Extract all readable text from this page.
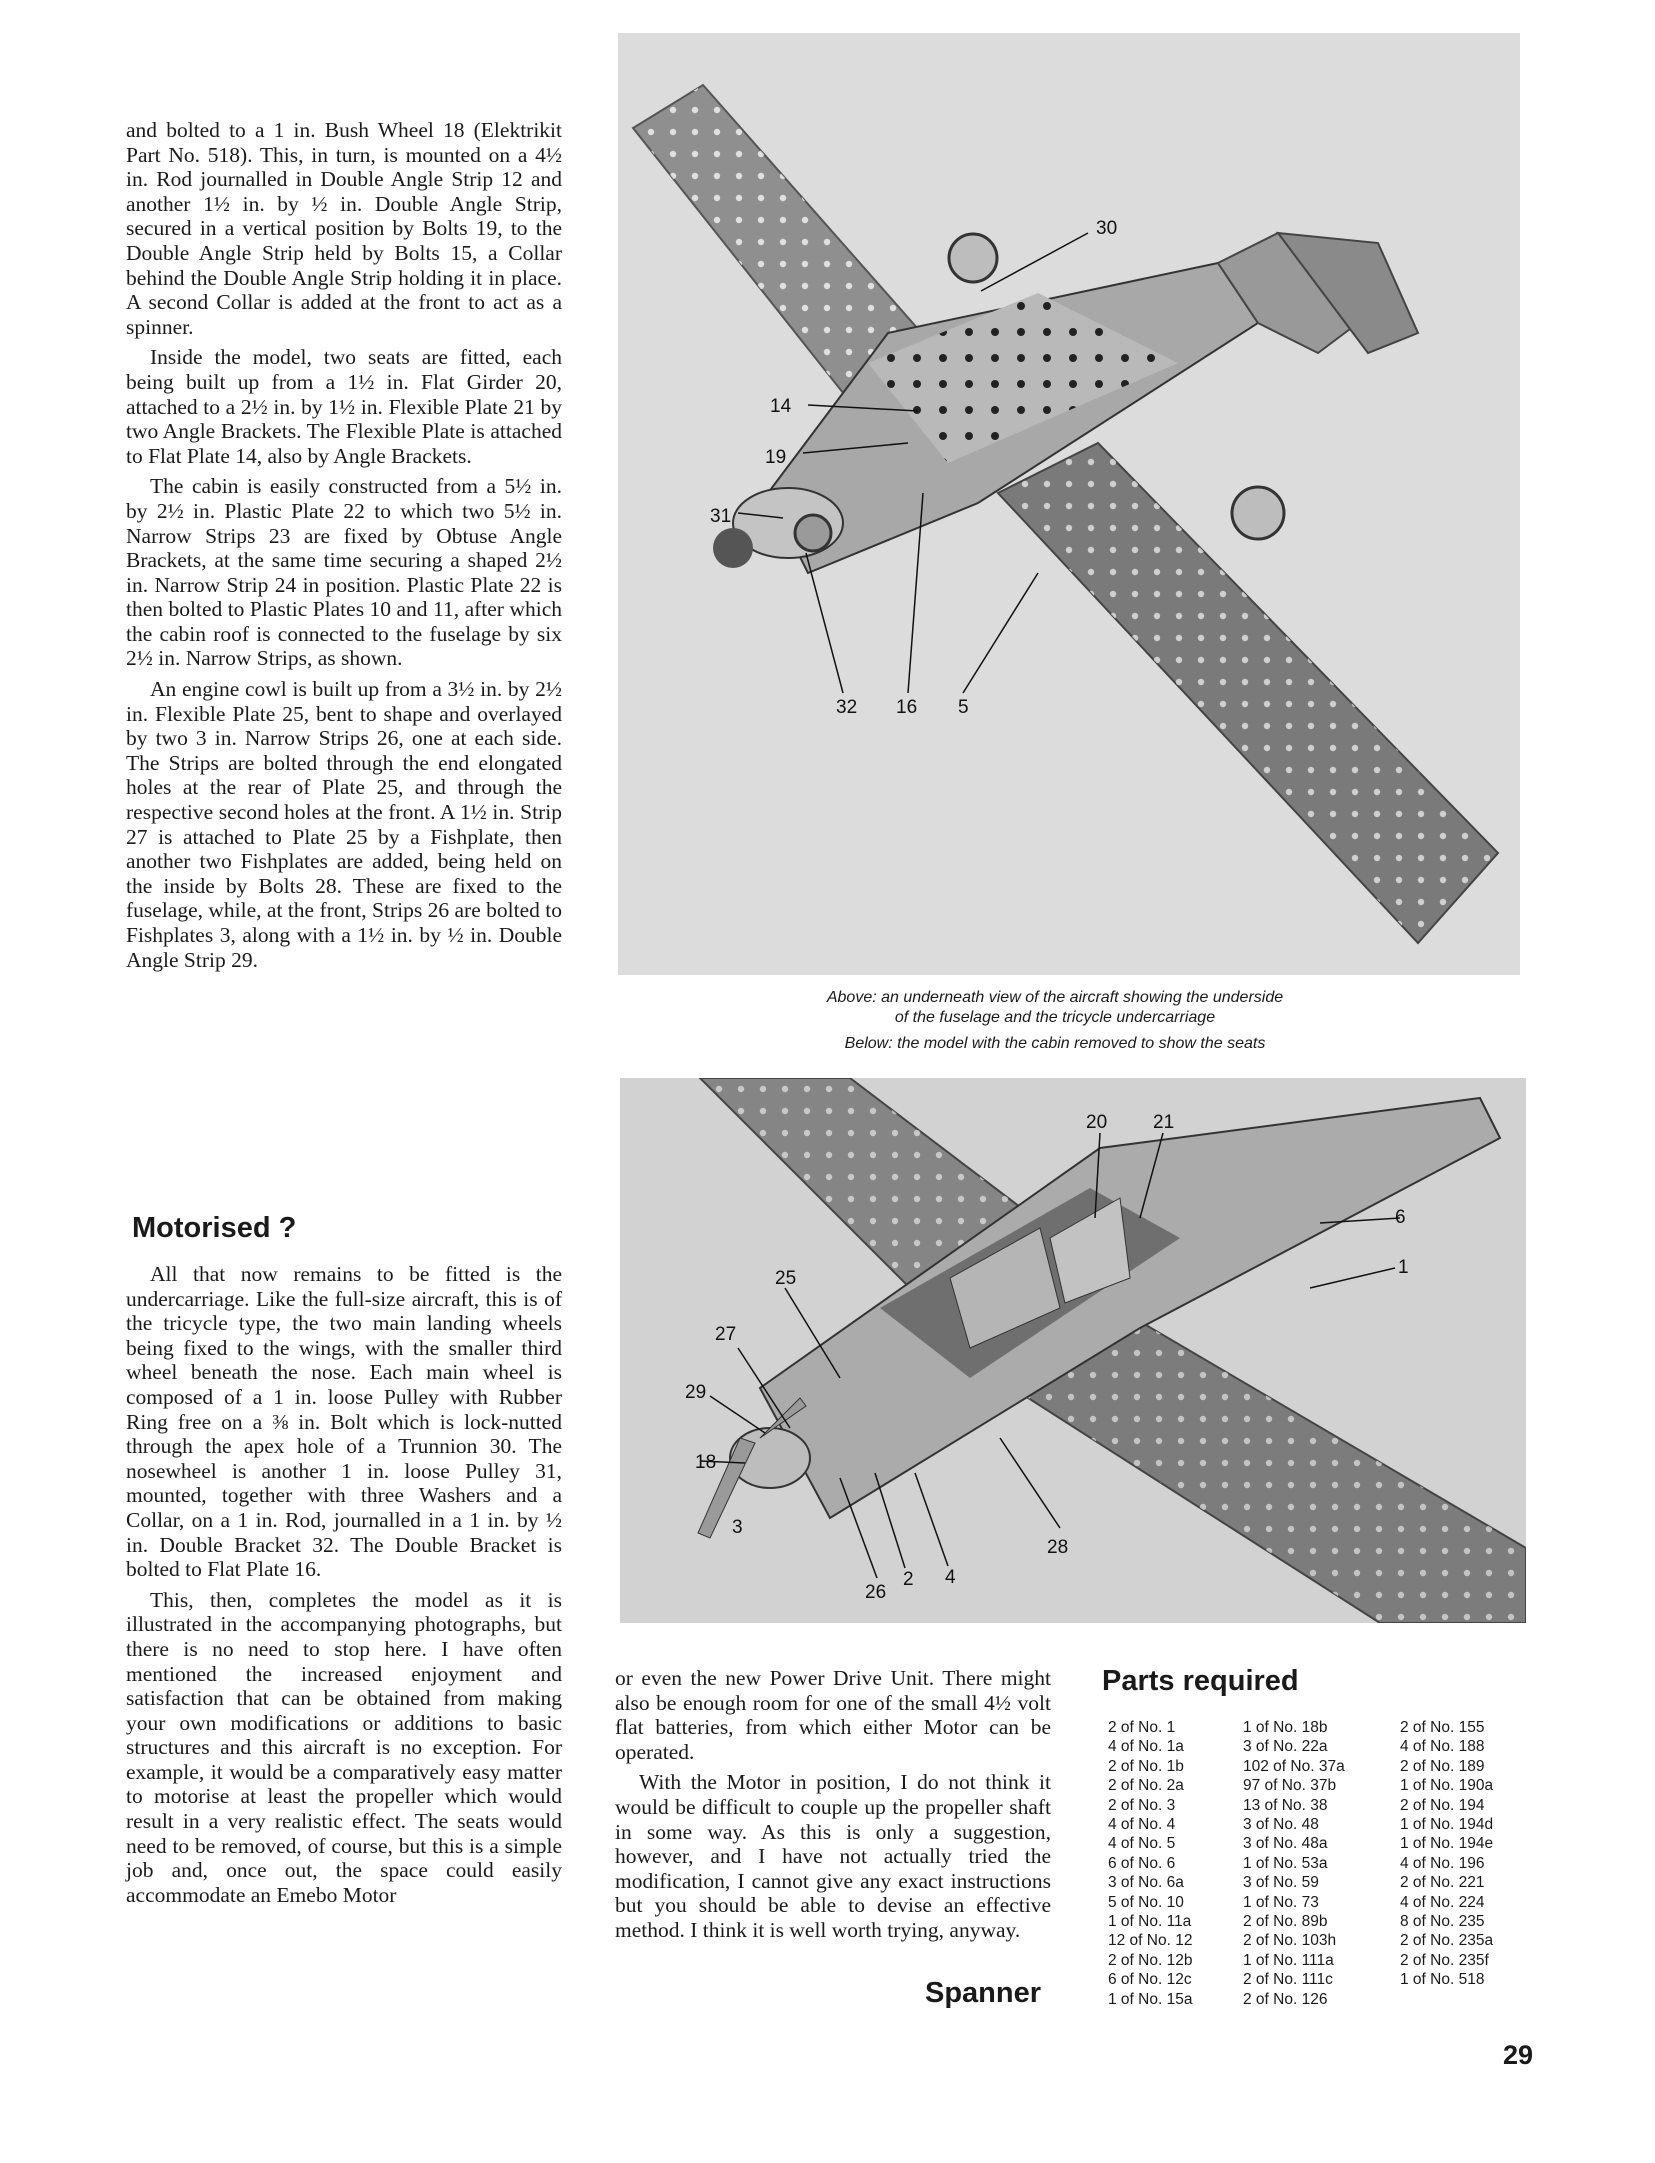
and bolted to a 1 in. Bush Wheel 18 (Elektrikit Part No. 518). This, in turn, is mounted on a 4½ in. Rod journalled in Double Angle Strip 12 and another 1½ in. by ½ in. Double Angle Strip, secured in a vertical position by Bolts 19, to the Double Angle Strip held by Bolts 15, a Collar behind the Double Angle Strip holding it in place. A second Collar is added at the front to act as a spinner.

Inside the model, two seats are fitted, each being built up from a 1½ in. Flat Girder 20, attached to a 2½ in. by 1½ in. Flexible Plate 21 by two Angle Brackets. The Flexible Plate is attached to Flat Plate 14, also by Angle Brackets.

The cabin is easily constructed from a 5½ in. by 2½ in. Plastic Plate 22 to which two 5½ in. Narrow Strips 23 are fixed by Obtuse Angle Brackets, at the same time securing a shaped 2½ in. Narrow Strip 24 in position. Plastic Plate 22 is then bolted to Plastic Plates 10 and 11, after which the cabin roof is connected to the fuselage by six 2½ in. Narrow Strips, as shown.

An engine cowl is built up from a 3½ in. by 2½ in. Flexible Plate 25, bent to shape and overlayed by two 3 in. Narrow Strips 26, one at each side. The Strips are bolted through the end elongated holes at the rear of Plate 25, and through the respective second holes at the front. A 1½ in. Strip 27 is attached to Plate 25 by a Fishplate, then another two Fishplates are added, being held on the inside by Bolts 28. These are fixed to the fuselage, while, at the front, Strips 26 are bolted to Fishplates 3, along with a 1½ in. by ½ in. Double Angle Strip 29.

Motorised ?

All that now remains to be fitted is the undercarriage. Like the full-size aircraft, this is of the tricycle type, the two main landing wheels being fixed to the wings, with the smaller third wheel beneath the nose. Each main wheel is composed of a 1 in. loose Pulley with Rubber Ring free on a ⅜ in. Bolt which is lock-nutted through the apex hole of a Trunnion 30. The nosewheel is another 1 in. loose Pulley 31, mounted, together with three Washers and a Collar, on a 1 in. Rod, journalled in a 1 in. by ½ in. Double Bracket 32. The Double Bracket is bolted to Flat Plate 16.

This, then, completes the model as it is illustrated in the accompanying photographs, but there is no need to stop here. I have often mentioned the increased enjoyment and satisfaction that can be obtained from making your own modifications or additions to basic structures and this aircraft is no exception. For example, it would be a comparatively easy matter to motorise at least the propeller which would result in a very realistic effect. The seats would need to be removed, of course, but this is a simple job and, once out, the space could easily accommodate an Emebo Motor

30
14
19
31
32 16 5
Above: an underneath view of the aircraft showing the underside
of the fuselage and the tricycle undercarriage
Below: the model with the cabin removed to show the seats
20 21
6
1
25
27
29
18
3
26
2 4
28

or even the new Power Drive Unit. There might also be enough room for one of the small 4½ volt flat batteries, from which either Motor can be operated.

With the Motor in position, I do not think it would be difficult to couple up the propeller shaft in some way. As this is only a suggestion, however, and I have not actually tried the modification, I cannot give any exact instructions but you should be able to devise an effective method. I think it is well worth trying, anyway.

Spanner
Parts required
2 of No. 1
4 of No. 1a
2 of No. 1b
2 of No. 2a
2 of No. 3
4 of No. 4
4 of No. 5
6 of No. 6
3 of No. 6a
5 of No. 10
1 of No. 11a
12 of No. 12
2 of No. 12b
6 of No. 12c
1 of No. 15a
1 of No. 18b
3 of No. 22a
102 of No. 37a
97 of No. 37b
13 of No. 38
3 of No. 48
3 of No. 48a
1 of No. 53a
3 of No. 59
1 of No. 73
2 of No. 89b
2 of No. 103h
1 of No. 111a
2 of No. 111c
2 of No. 126
2 of No. 155
4 of No. 188
2 of No. 189
1 of No. 190a
2 of No. 194
1 of No. 194d
1 of No. 194e
4 of No. 196
2 of No. 221
4 of No. 224
8 of No. 235
2 of No. 235a
2 of No. 235f
1 of No. 518
29
